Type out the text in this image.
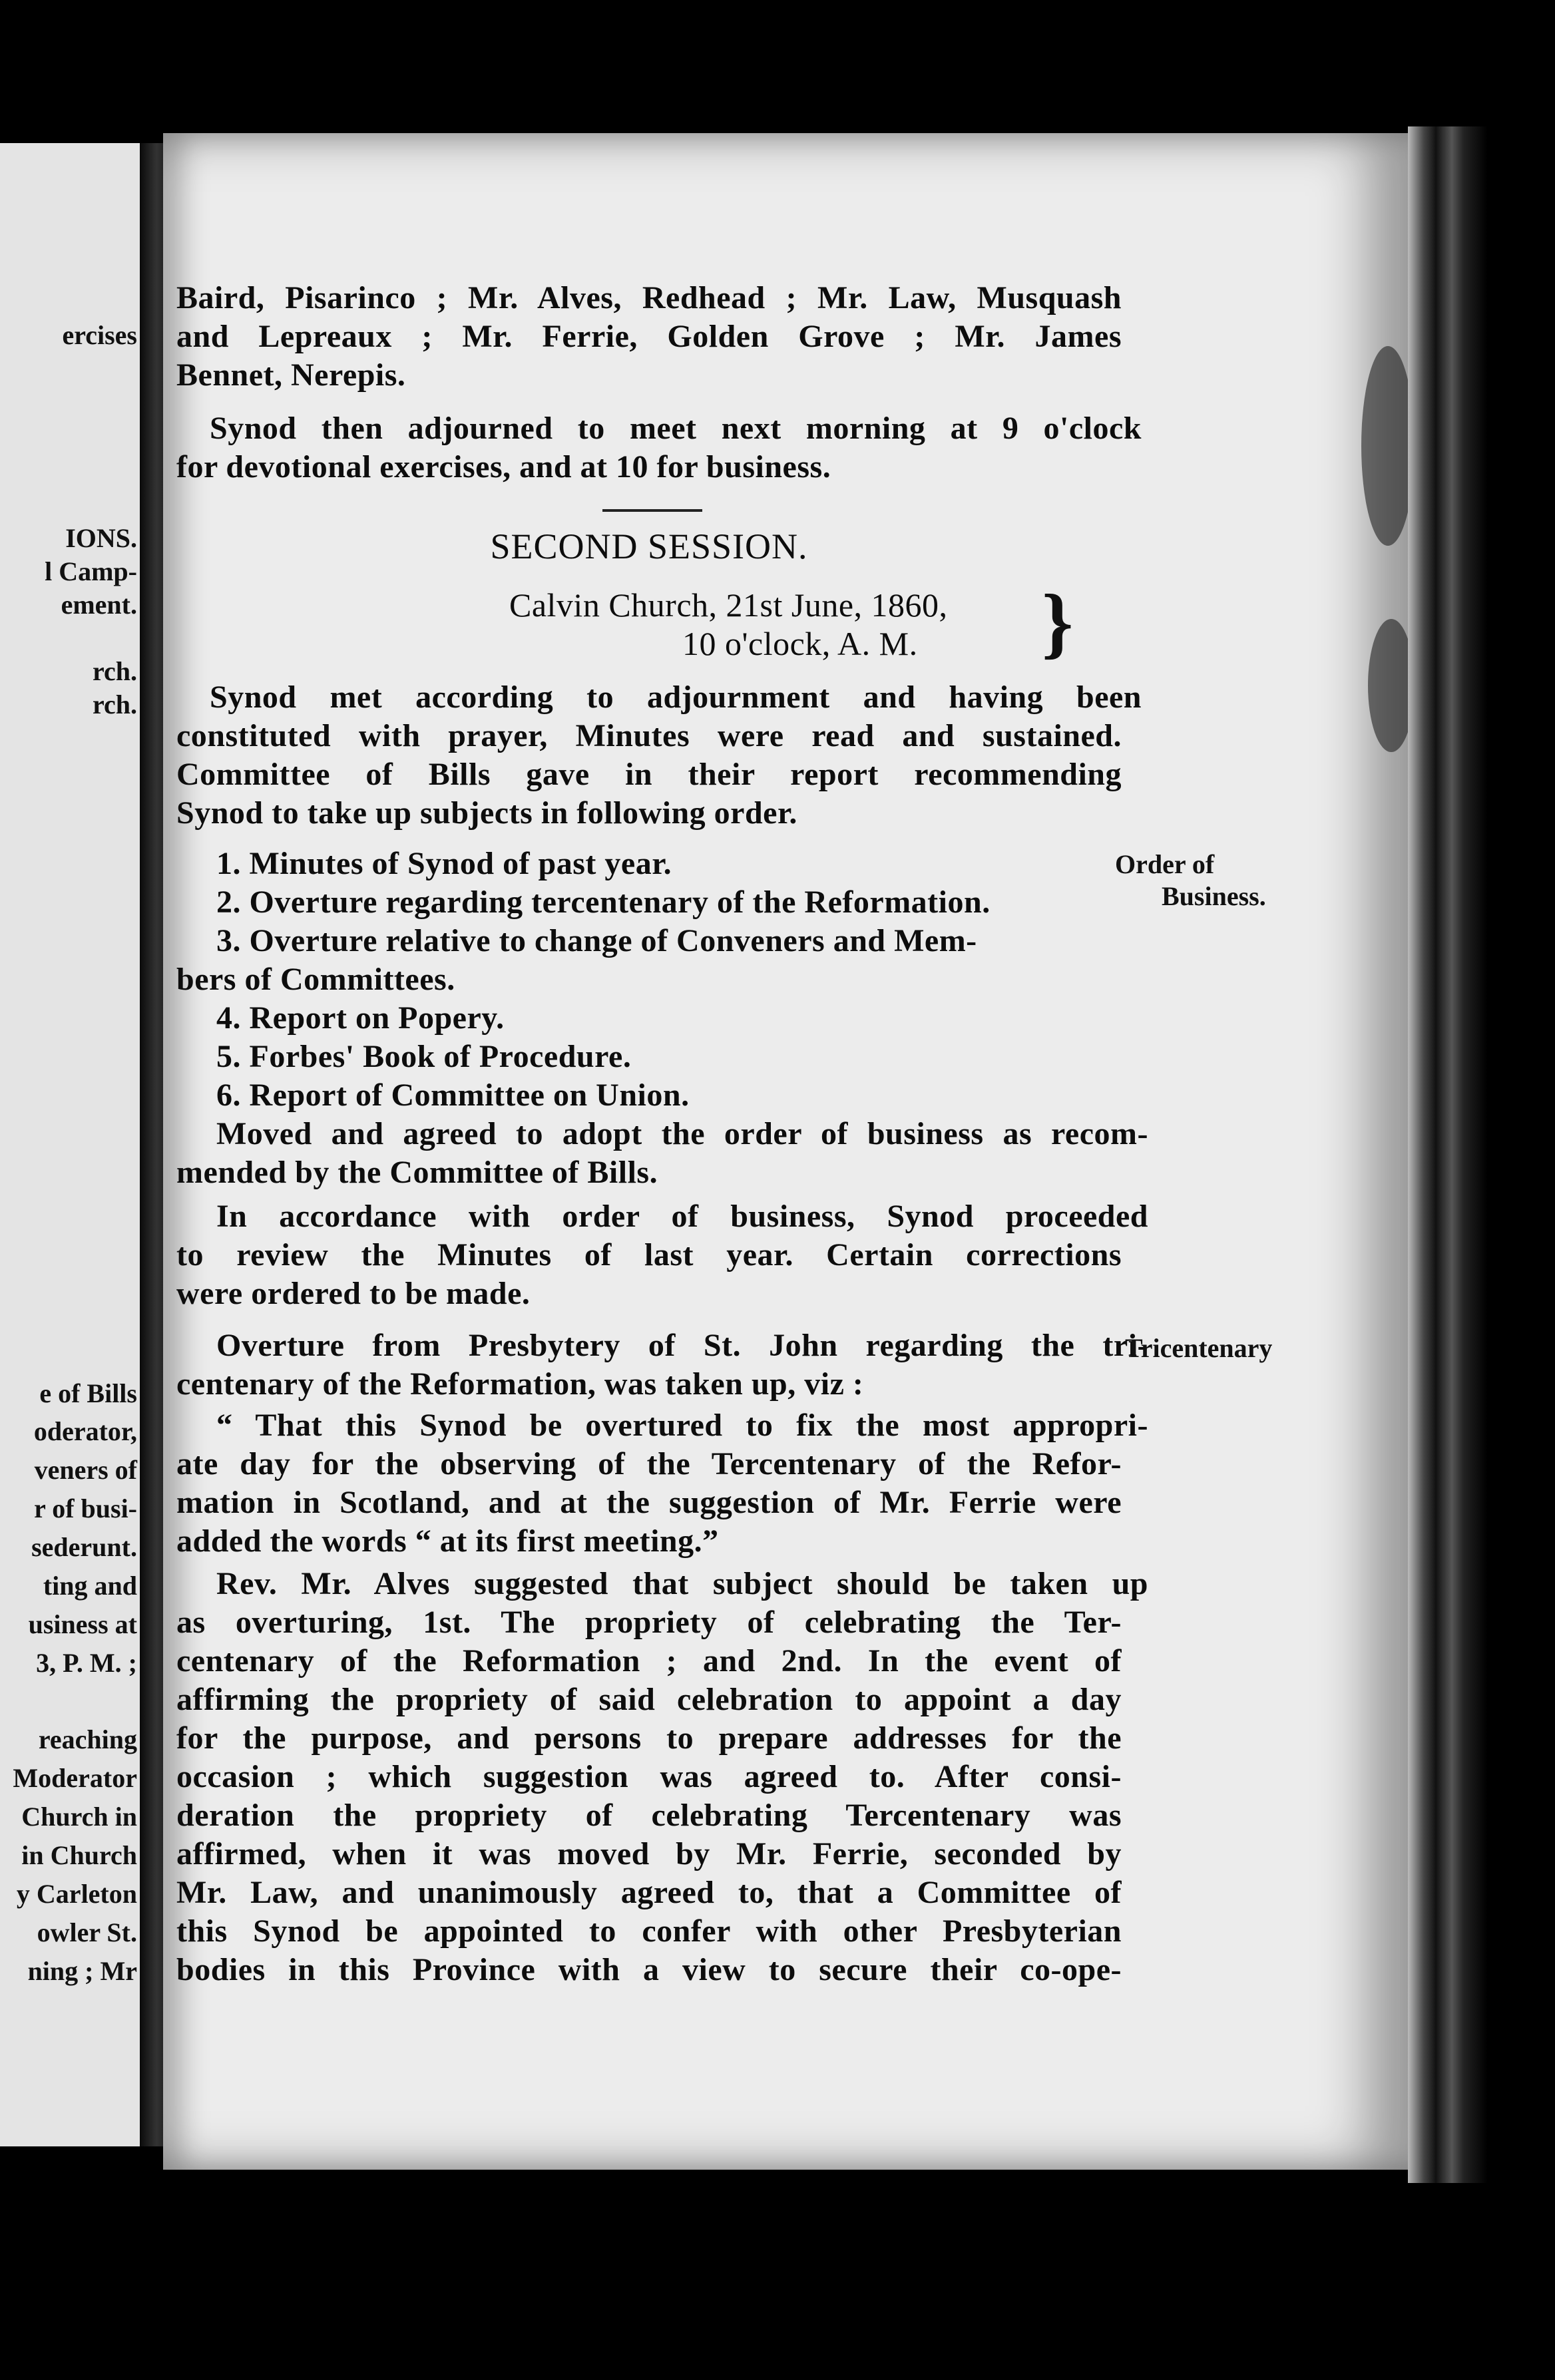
ercises
IONS.
l Camp-
ement.
rch.
rch.
e of Bills
oderator,
veners of
r of busi-
sederunt.
ting and
usiness at
3, P. M. ;
reaching
Moderator
Church in
in Church
y Carleton
owler St.
ning ; Mr
Baird, Pisarinco ; Mr. Alves, Redhead ; Mr. Law, Musquash
and Lepreaux ; Mr. Ferrie, Golden Grove ; Mr. James
Bennet, Nerepis.
Synod then adjourned to meet next morning at 9 o'clock
for devotional exercises, and at 10 for business.
SECOND SESSION.
Calvin Church, 21st June, 1860,
10 o'clock, A. M. }
Synod met according to adjournment and having been
constituted with prayer, Minutes were read and sustained.
Committee of Bills gave in their report recommending
Synod to take up subjects in following order.
1. Minutes of Synod of past year.
2. Overture regarding tercentenary of the Reformation.
3. Overture relative to change of Conveners and Mem-
bers of Committees.
4. Report on Popery.
5. Forbes' Book of Procedure.
6. Report of Committee on Union.
Moved and agreed to adopt the order of business as recom-
mended by the Committee of Bills.
In accordance with order of business, Synod proceeded
to review the Minutes of last year. Certain corrections
were ordered to be made.
Overture from Presbytery of St. John regarding the tri-
centenary of the Reformation, was taken up, viz :
“ That this Synod be overtured to fix the most appropri-
ate day for the observing of the Tercentenary of the Refor-
mation in Scotland, and at the suggestion of Mr. Ferrie were
added the words “ at its first meeting.”
Rev. Mr. Alves suggested that subject should be taken up
as overturing, 1st. The propriety of celebrating the Ter-
centenary of the Reformation ; and 2nd. In the event of
affirming the propriety of said celebration to appoint a day
for the purpose, and persons to prepare addresses for the
occasion ; which suggestion was agreed to. After consi-
deration the propriety of celebrating Tercentenary was
affirmed, when it was moved by Mr. Ferrie, seconded by
Mr. Law, and unanimously agreed to, that a Committee of
this Synod be appointed to confer with other Presbyterian
bodies in this Province with a view to secure their co-ope-
Order of
Business.
Tricentenary
